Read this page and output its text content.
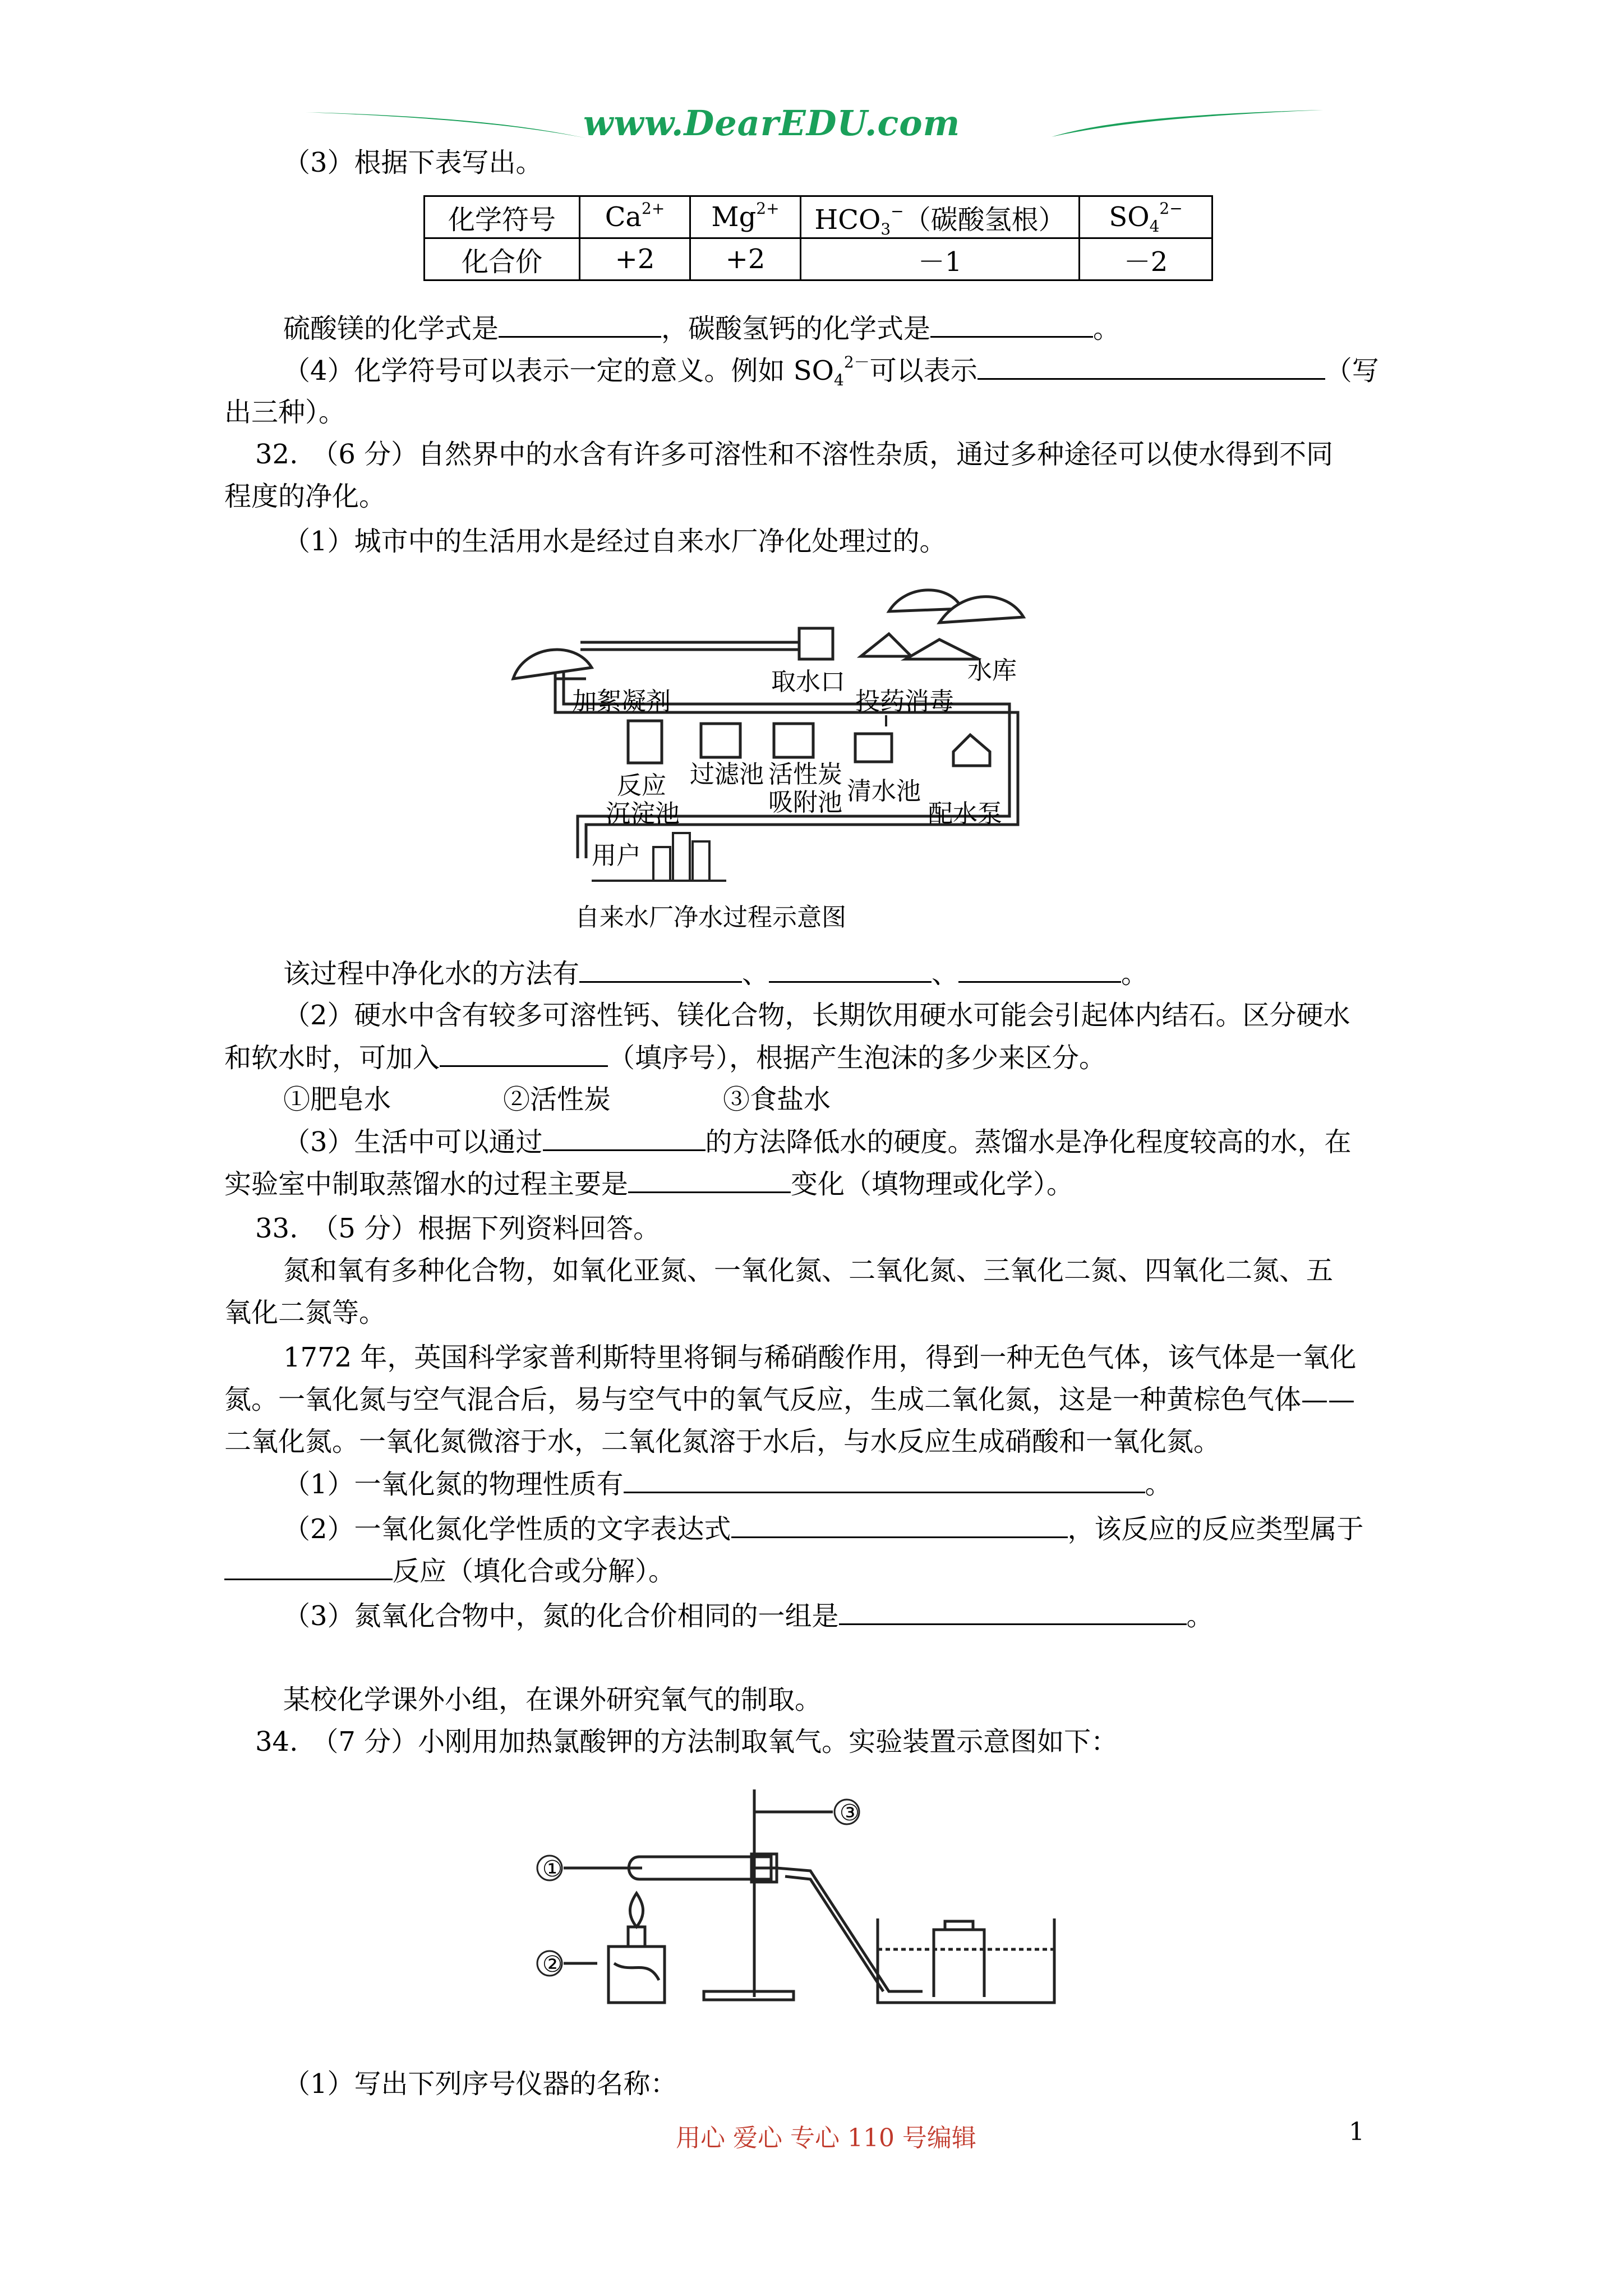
www.DearEDU.com
（3）根据下表写出。
化学符号	$Ca^{2+}$	$Mg^{2+}$	$HCO_3^-$（碳酸氢根）	$SO_4^{2-}$
化合价	+2	+2	－1	－2
硫酸镁的化学式是	，碳酸氢钙的化学式是	。
（4）化学符号可以表示一定的意义。例如 $SO_4^{2-}$可以表示	（写
出三种）。
32.　（6 分）自然界中的水含有许多可溶性和不溶性杂质，通过多种途径可以使水得到不同
程度的净化。
（1）城市中的生活用水是经过自来水厂净化处理过的。
取水口	水库
加絮凝剂	投药消毒
反应
沉淀池
过滤池 活性炭
吸附池 清水池
配水泵
用户
自来水厂净水过程示意图
该过程中净化水的方法有	、	、	。
（2）硬水中含有较多可溶性钙、镁化合物，长期饮用硬水可能会引起体内结石。区分硬水
和软水时，可加入	（填序号），根据产生泡沫的多少来区分。
①肥皂水	②活性炭	③食盐水
（3）生活中可以通过	的方法降低水的硬度。蒸馏水是净化程度较高的水，在
实验室中制取蒸馏水的过程主要是	变化（填物理或化学）。
33.　（5 分）根据下列资料回答。
氮和氧有多种化合物，如氧化亚氮、一氧化氮、二氧化氮、三氧化二氮、四氧化二氮、五
氧化二氮等。
1772 年，英国科学家普利斯特里将铜与稀硝酸作用，得到一种无色气体，该气体是一氧化
氮。一氧化氮与空气混合后，易与空气中的氧气反应，生成二氧化氮，这是一种黄棕色气体——
二氧化氮。一氧化氮微溶于水，二氧化氮溶于水后，与水反应生成硝酸和一氧化氮。
（1）一氧化氮的物理性质有	。
（2）一氧化氮化学性质的文字表达式	，该反应的反应类型属于
反应（填化合或分解）。
（3）氮氧化合物中，氮的化合价相同的一组是	。
某校化学课外小组，在课外研究氧气的制取。
34.　（7 分）小刚用加热氯酸钾的方法制取氧气。实验装置示意图如下：
①
②
③
（1）写出下列序号仪器的名称：
用心 爱心 专心 110 号编辑	1
